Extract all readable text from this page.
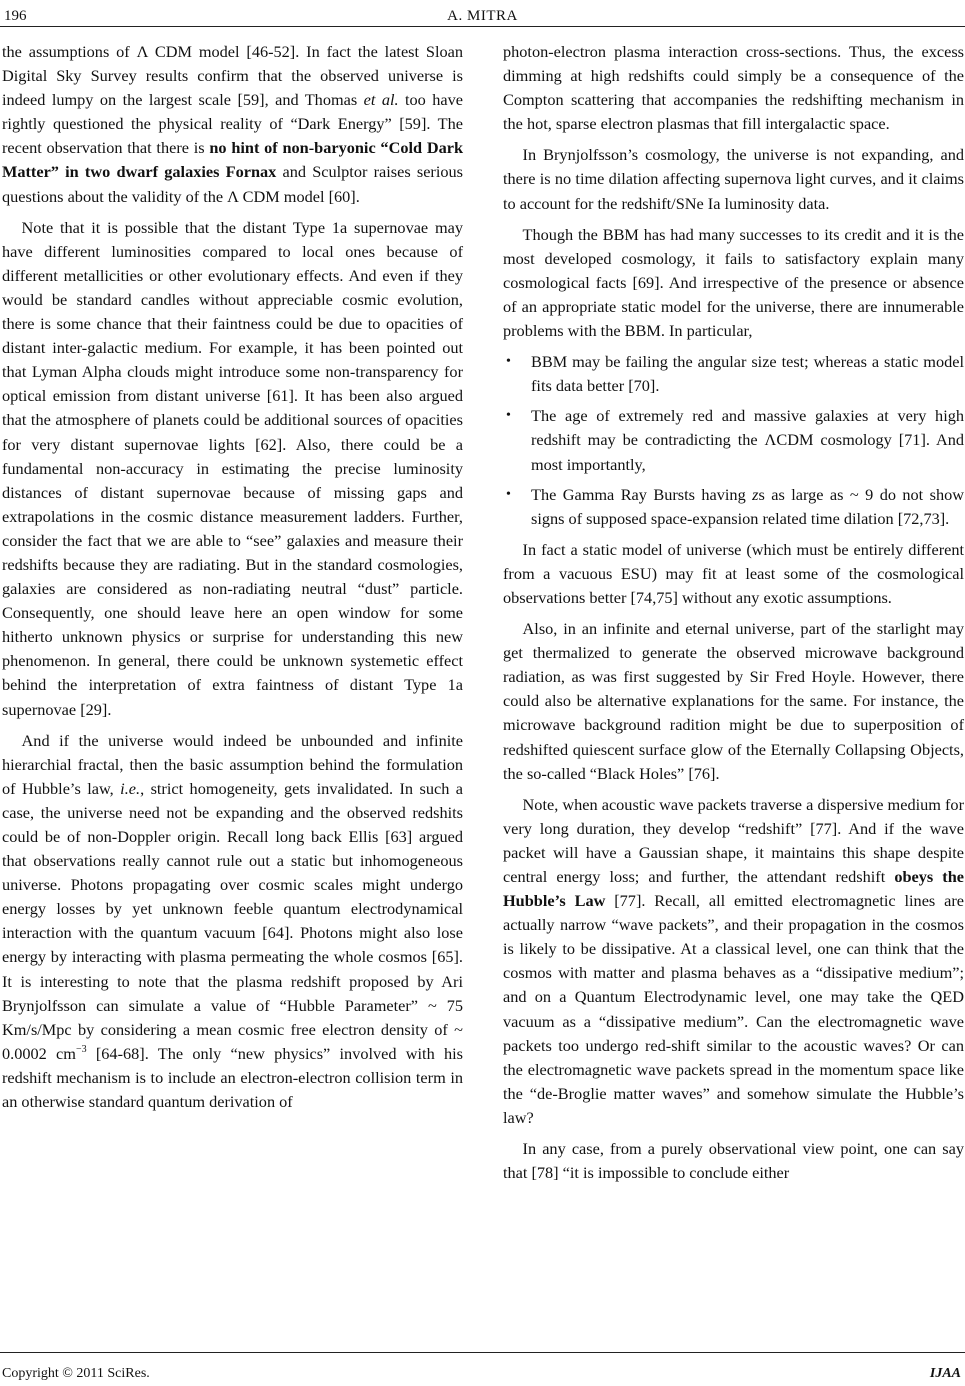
196	A. MITRA

the assumptions of Λ CDM model [46-52]. In fact the latest Sloan Digital Sky Survey results confirm that the observed universe is indeed lumpy on the largest scale [59], and Thomas et al. too have rightly questioned the physical reality of “Dark Energy” [59]. The recent observation that there is no hint of non-baryonic “Cold Dark Matter” in two dwarf galaxies Fornax and Sculptor raises serious questions about the validity of the Λ CDM model [60].

Note that it is possible that the distant Type 1a supernovae may have different luminosities compared to local ones because of different metallicities or other evolutionary effects. And even if they would be standard candles without appreciable cosmic evolution, there is some chance that their faintness could be due to opacities of distant inter-galactic medium. For example, it has been pointed out that Lyman Alpha clouds might introduce some non-transparency for optical emission from distant universe [61]. It has been also argued that the atmosphere of planets could be additional sources of opacities for very distant supernovae lights [62]. Also, there could be a fundamental non-accuracy in estimating the precise luminosity distances of distant supernovae because of missing gaps and extrapolations in the cosmic distance measurement ladders. Further, consider the fact that we are able to “see” galaxies and measure their redshifts because they are radiating. But in the standard cosmologies, galaxies are considered as non-radiating neutral “dust” particle. Consequently, one should leave here an open window for some hitherto unknown physics or surprise for understanding this new phenomenon. In general, there could be unknown systemetic effect behind the interpretation of extra faintness of distant Type 1a supernovae [29].

And if the universe would indeed be unbounded and infinite hierarchial fractal, then the basic assumption behind the formulation of Hubble’s law, i.e., strict homogeneity, gets invalidated. In such a case, the universe need not be expanding and the observed redshits could be of non-Doppler origin. Recall long back Ellis [63] argued that observations really cannot rule out a static but inhomogeneous universe. Photons propagating over cosmic scales might undergo energy losses by yet unknown feeble quantum electrodynamical interaction with the quantum vacuum [64]. Photons might also lose energy by interacting with plasma permeating the whole cosmos [65]. It is interesting to note that the plasma redshift proposed by Ari Brynjolfsson can simulate a value of “Hubble Parameter” ~ 75 Km/s/Mpc by considering a mean cosmic free electron density of ~ 0.0002 $cm^{-3}$ [64-68]. The only “new physics” involved with his redshift mechanism is to include an electron-electron collision term in an otherwise standard quantum derivation of

photon-electron plasma interaction cross-sections. Thus, the excess dimming at high redshifts could simply be a consequence of the Compton scattering that accompanies the redshifting mechanism in the hot, sparse electron plasmas that fill intergalactic space.

In Brynjolfsson’s cosmology, the universe is not expanding, and there is no time dilation affecting supernova light curves, and it claims to account for the redshift/SNe Ia luminosity data.

Though the BBM has had many successes to its credit and it is the most developed cosmology, it fails to satisfactory explain many cosmological facts [69]. And irrespective of the presence or absence of an appropriate static model for the universe, there are innumerable problems with the BBM. In particular,

• BBM may be failing the angular size test; whereas a static model fits data better [70].
• The age of extremely red and massive galaxies at very high redshift may be contradicting the ΛCDM cosmology [71]. And most importantly,
• The Gamma Ray Bursts having zs as large as ~ 9 do not show signs of supposed space-expansion related time dilation [72,73].

In fact a static model of universe (which must be entirely different from a vacuous ESU) may fit at least some of the cosmological observations better [74,75] without any exotic assumptions.

Also, in an infinite and eternal universe, part of the starlight may get thermalized to generate the observed microwave background radiation, as was first suggested by Sir Fred Hoyle. However, there could also be alternative explanations for the same. For instance, the microwave background radition might be due to superposition of redshifted quiescent surface glow of the Eternally Collapsing Objects, the so-called “Black Holes” [76].

Note, when acoustic wave packets traverse a dispersive medium for very long duration, they develop “redshift” [77]. And if the wave packet will have a Gaussian shape, it maintains this shape despite central energy loss; and further, the attendant redshift obeys the Hubble’s Law [77]. Recall, all emitted electromagnetic lines are actually narrow “wave packets”, and their propagation in the cosmos is likely to be dissipative. At a classical level, one can think that the cosmos with matter and plasma behaves as a “dissipative medium”; and on a Quantum Electrodynamic level, one may take the QED vacuum as a “dissipative medium”. Can the electromagnetic wave packets too undergo red-shift similar to the acoustic waves? Or can the electromagnetic wave packets spread in the momentum space like the “de-Broglie matter waves” and somehow simulate the Hubble’s law?

In any case, from a purely observational view point, one can say that [78] “it is impossible to conclude either

Copyright © 2011 SciRes.	IJAA
